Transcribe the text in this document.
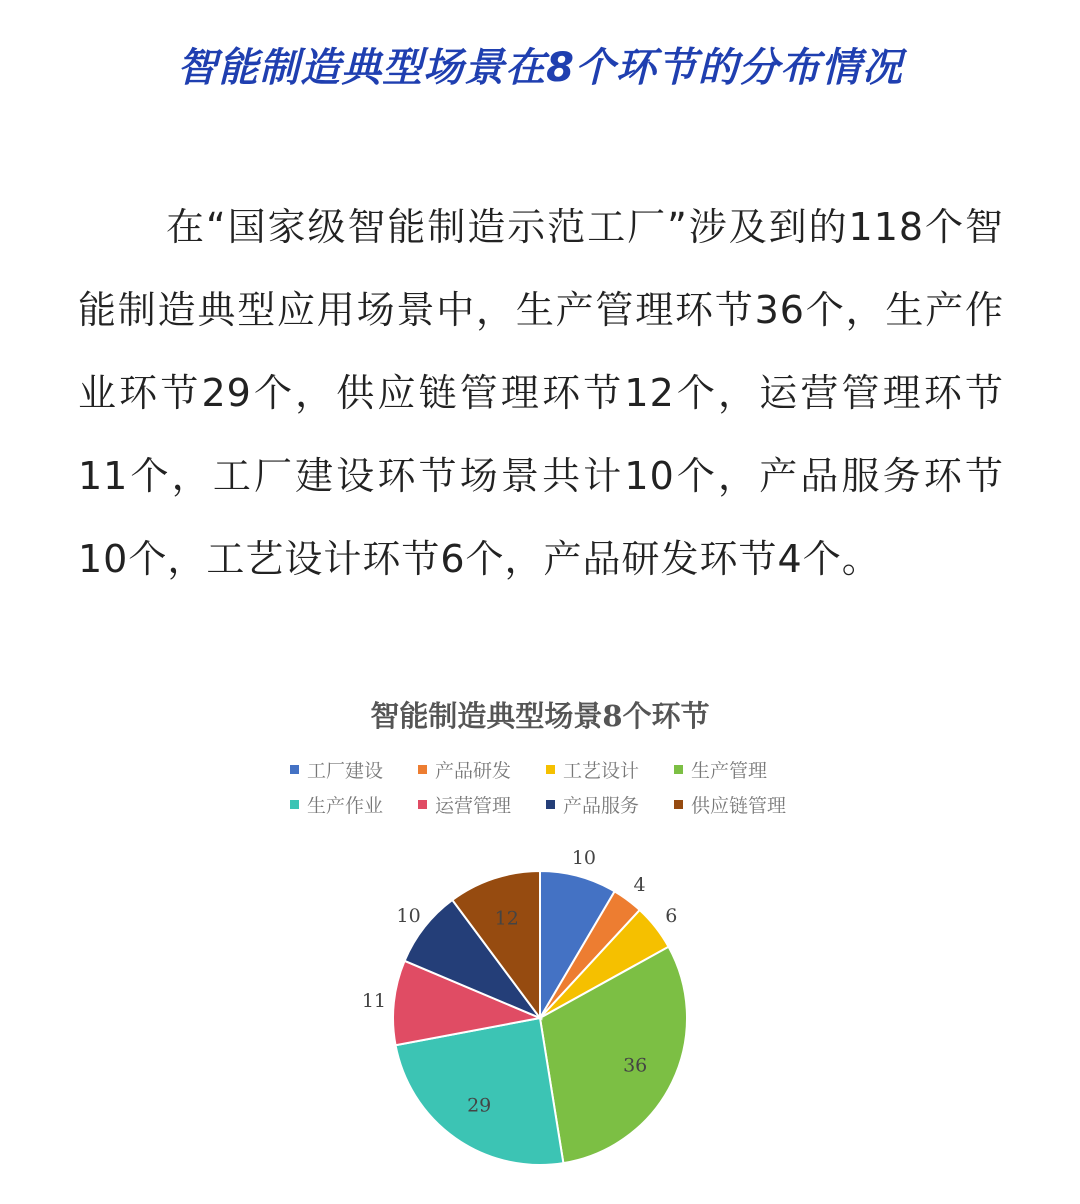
智能制造典型场景在8个环节的分布情况
在“国家级智能制造示范工厂”涉及到的118个智能制造典型应用场景中，生产管理环节36个，生产作业环节29个，供应链管理环节12个，运营管理环节11个，工厂建设环节场景共计10个，产品服务环节10个，工艺设计环节6个，产品研发环节4个。
智能制造典型场景8个环节
工厂建设	产品研发	工艺设计	生产管理
生产作业	运营管理	产品服务	供应链管理
10
4
6
36
29
11
10	12
